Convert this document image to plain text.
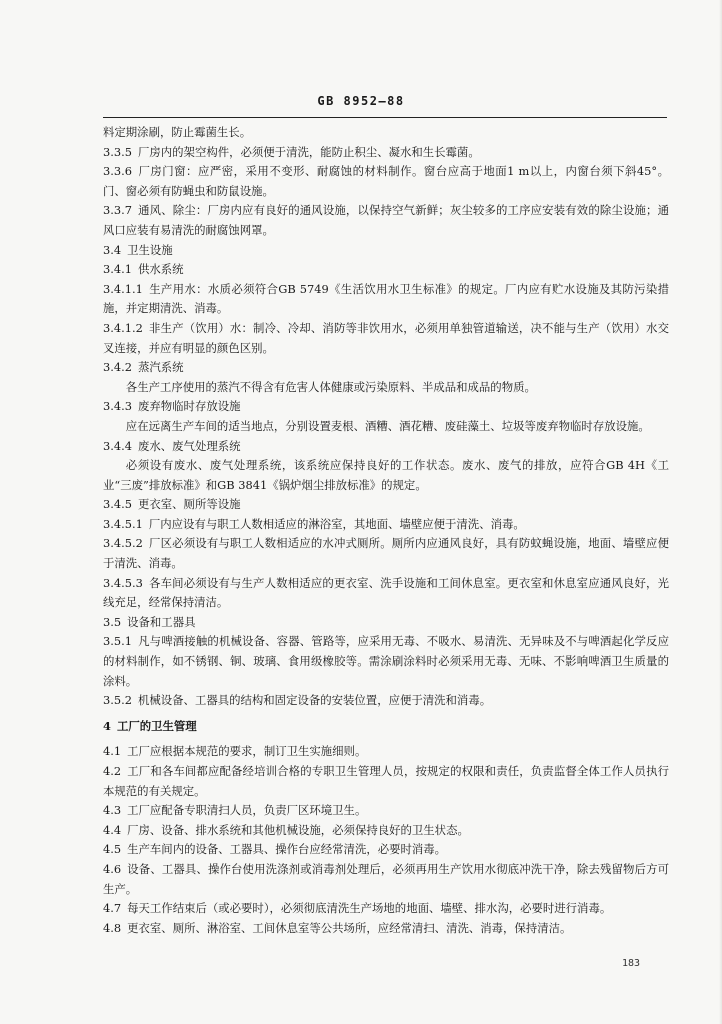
GB 8952—88

料定期涂刷，防止霉菌生长。

3.3.5 厂房内的架空构件，必须便于清洗，能防止积尘、凝水和生长霉菌。

3.3.6 厂房门窗：应严密，采用不变形、耐腐蚀的材料制作。窗台应高于地面1 m以上，内窗台须下斜45°。门、窗必须有防蝇虫和防鼠设施。

3.3.7 通风、除尘：厂房内应有良好的通风设施，以保持空气新鲜；灰尘较多的工序应安装有效的除尘设施；通风口应装有易清洗的耐腐蚀网罩。

3.4 卫生设施

3.4.1 供水系统

3.4.1.1 生产用水：水质必须符合GB 5749《生活饮用水卫生标准》的规定。厂内应有贮水设施及其防污染措施，并定期清洗、消毒。

3.4.1.2 非生产（饮用）水：制冷、冷却、消防等非饮用水，必须用单独管道输送，决不能与生产（饮用）水交叉连接，并应有明显的颜色区别。

3.4.2 蒸汽系统

各生产工序使用的蒸汽不得含有危害人体健康或污染原料、半成品和成品的物质。

3.4.3 废弃物临时存放设施

应在远离生产车间的适当地点，分别设置麦根、酒糟、酒花糟、废硅藻土、垃圾等废弃物临时存放设施。

3.4.4 废水、废气处理系统

必须设有废水、废气处理系统，该系统应保持良好的工作状态。废水、废气的排放，应符合GB 4H《工业“三废”排放标准》和GB 3841《锅炉烟尘排放标准》的规定。

3.4.5 更衣室、厕所等设施

3.4.5.1 厂内应设有与职工人数相适应的淋浴室，其地面、墙壁应便于清洗、消毒。

3.4.5.2 厂区必须设有与职工人数相适应的水冲式厕所。厕所内应通风良好，具有防蚊蝇设施，地面、墙壁应便于清洗、消毒。

3.4.5.3 各车间必须设有与生产人数相适应的更衣室、洗手设施和工间休息室。更衣室和休息室应通风良好，光线充足，经常保持清洁。

3.5 设备和工器具

3.5.1 凡与啤酒接触的机械设备、容器、管路等，应采用无毒、不吸水、易清洗、无异味及不与啤酒起化学反应的材料制作，如不锈钢、铜、玻璃、食用级橡胶等。需涂刷涂料时必须采用无毒、无味、不影响啤酒卫生质量的涂料。

3.5.2 机械设备、工器具的结构和固定设备的安装位置，应便于清洗和消毒。

4 工厂的卫生管理

4.1 工厂应根据本规范的要求，制订卫生实施细则。

4.2 工厂和各车间都应配备经培训合格的专职卫生管理人员，按规定的权限和责任，负责监督全体工作人员执行本规范的有关规定。

4.3 工厂应配备专职清扫人员，负责厂区环境卫生。

4.4 厂房、设备、排水系统和其他机械设施，必须保持良好的卫生状态。

4.5 生产车间内的设备、工器具、操作台应经常清洗，必要时消毒。

4.6 设备、工器具、操作台使用洗涤剂或消毒剂处理后，必须再用生产饮用水彻底冲洗干净，除去残留物后方可生产。

4.7 每天工作结束后（或必要时），必须彻底清洗生产场地的地面、墙壁、排水沟，必要时进行消毒。

4.8 更衣室、厕所、淋浴室、工间休息室等公共场所，应经常清扫、清洗、消毒，保持清洁。

183
